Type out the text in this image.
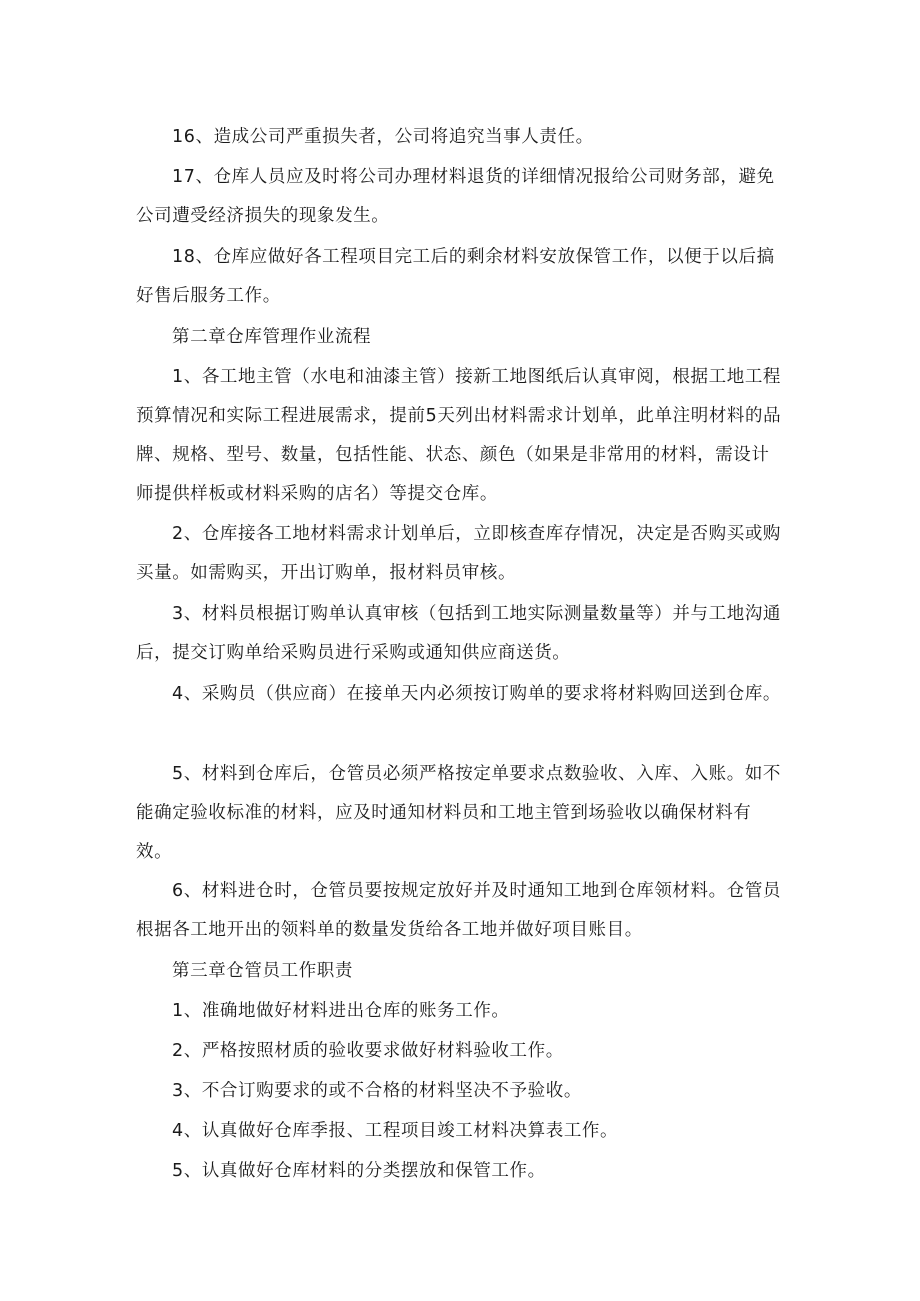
16、造成公司严重损失者，公司将追究当事人责任。

17、仓库人员应及时将公司办理材料退货的详细情况报给公司财务部，避免公司遭受经济损失的现象发生。

18、仓库应做好各工程项目完工后的剩余材料安放保管工作，以便于以后搞好售后服务工作。

第二章仓库管理作业流程

1、各工地主管（水电和油漆主管）接新工地图纸后认真审阅，根据工地工程预算情况和实际工程进展需求，提前5天列出材料需求计划单，此单注明材料的品牌、规格、型号、数量，包括性能、状态、颜色（如果是非常用的材料，需设计师提供样板或材料采购的店名）等提交仓库。

2、仓库接各工地材料需求计划单后，立即核查库存情况，决定是否购买或购买量。如需购买，开出订购单，报材料员审核。

3、材料员根据订购单认真审核（包括到工地实际测量数量等）并与工地沟通后，提交订购单给采购员进行采购或通知供应商送货。

4、采购员（供应商）在接单天内必须按订购单的要求将材料购回送到仓库。

5、材料到仓库后，仓管员必须严格按定单要求点数验收、入库、入账。如不能确定验收标准的材料，应及时通知材料员和工地主管到场验收以确保材料有效。

6、材料进仓时，仓管员要按规定放好并及时通知工地到仓库领材料。仓管员根据各工地开出的领料单的数量发货给各工地并做好项目账目。

第三章仓管员工作职责

1、准确地做好材料进出仓库的账务工作。

2、严格按照材质的验收要求做好材料验收工作。

3、不合订购要求的或不合格的材料坚决不予验收。

4、认真做好仓库季报、工程项目竣工材料决算表工作。

5、认真做好仓库材料的分类摆放和保管工作。
